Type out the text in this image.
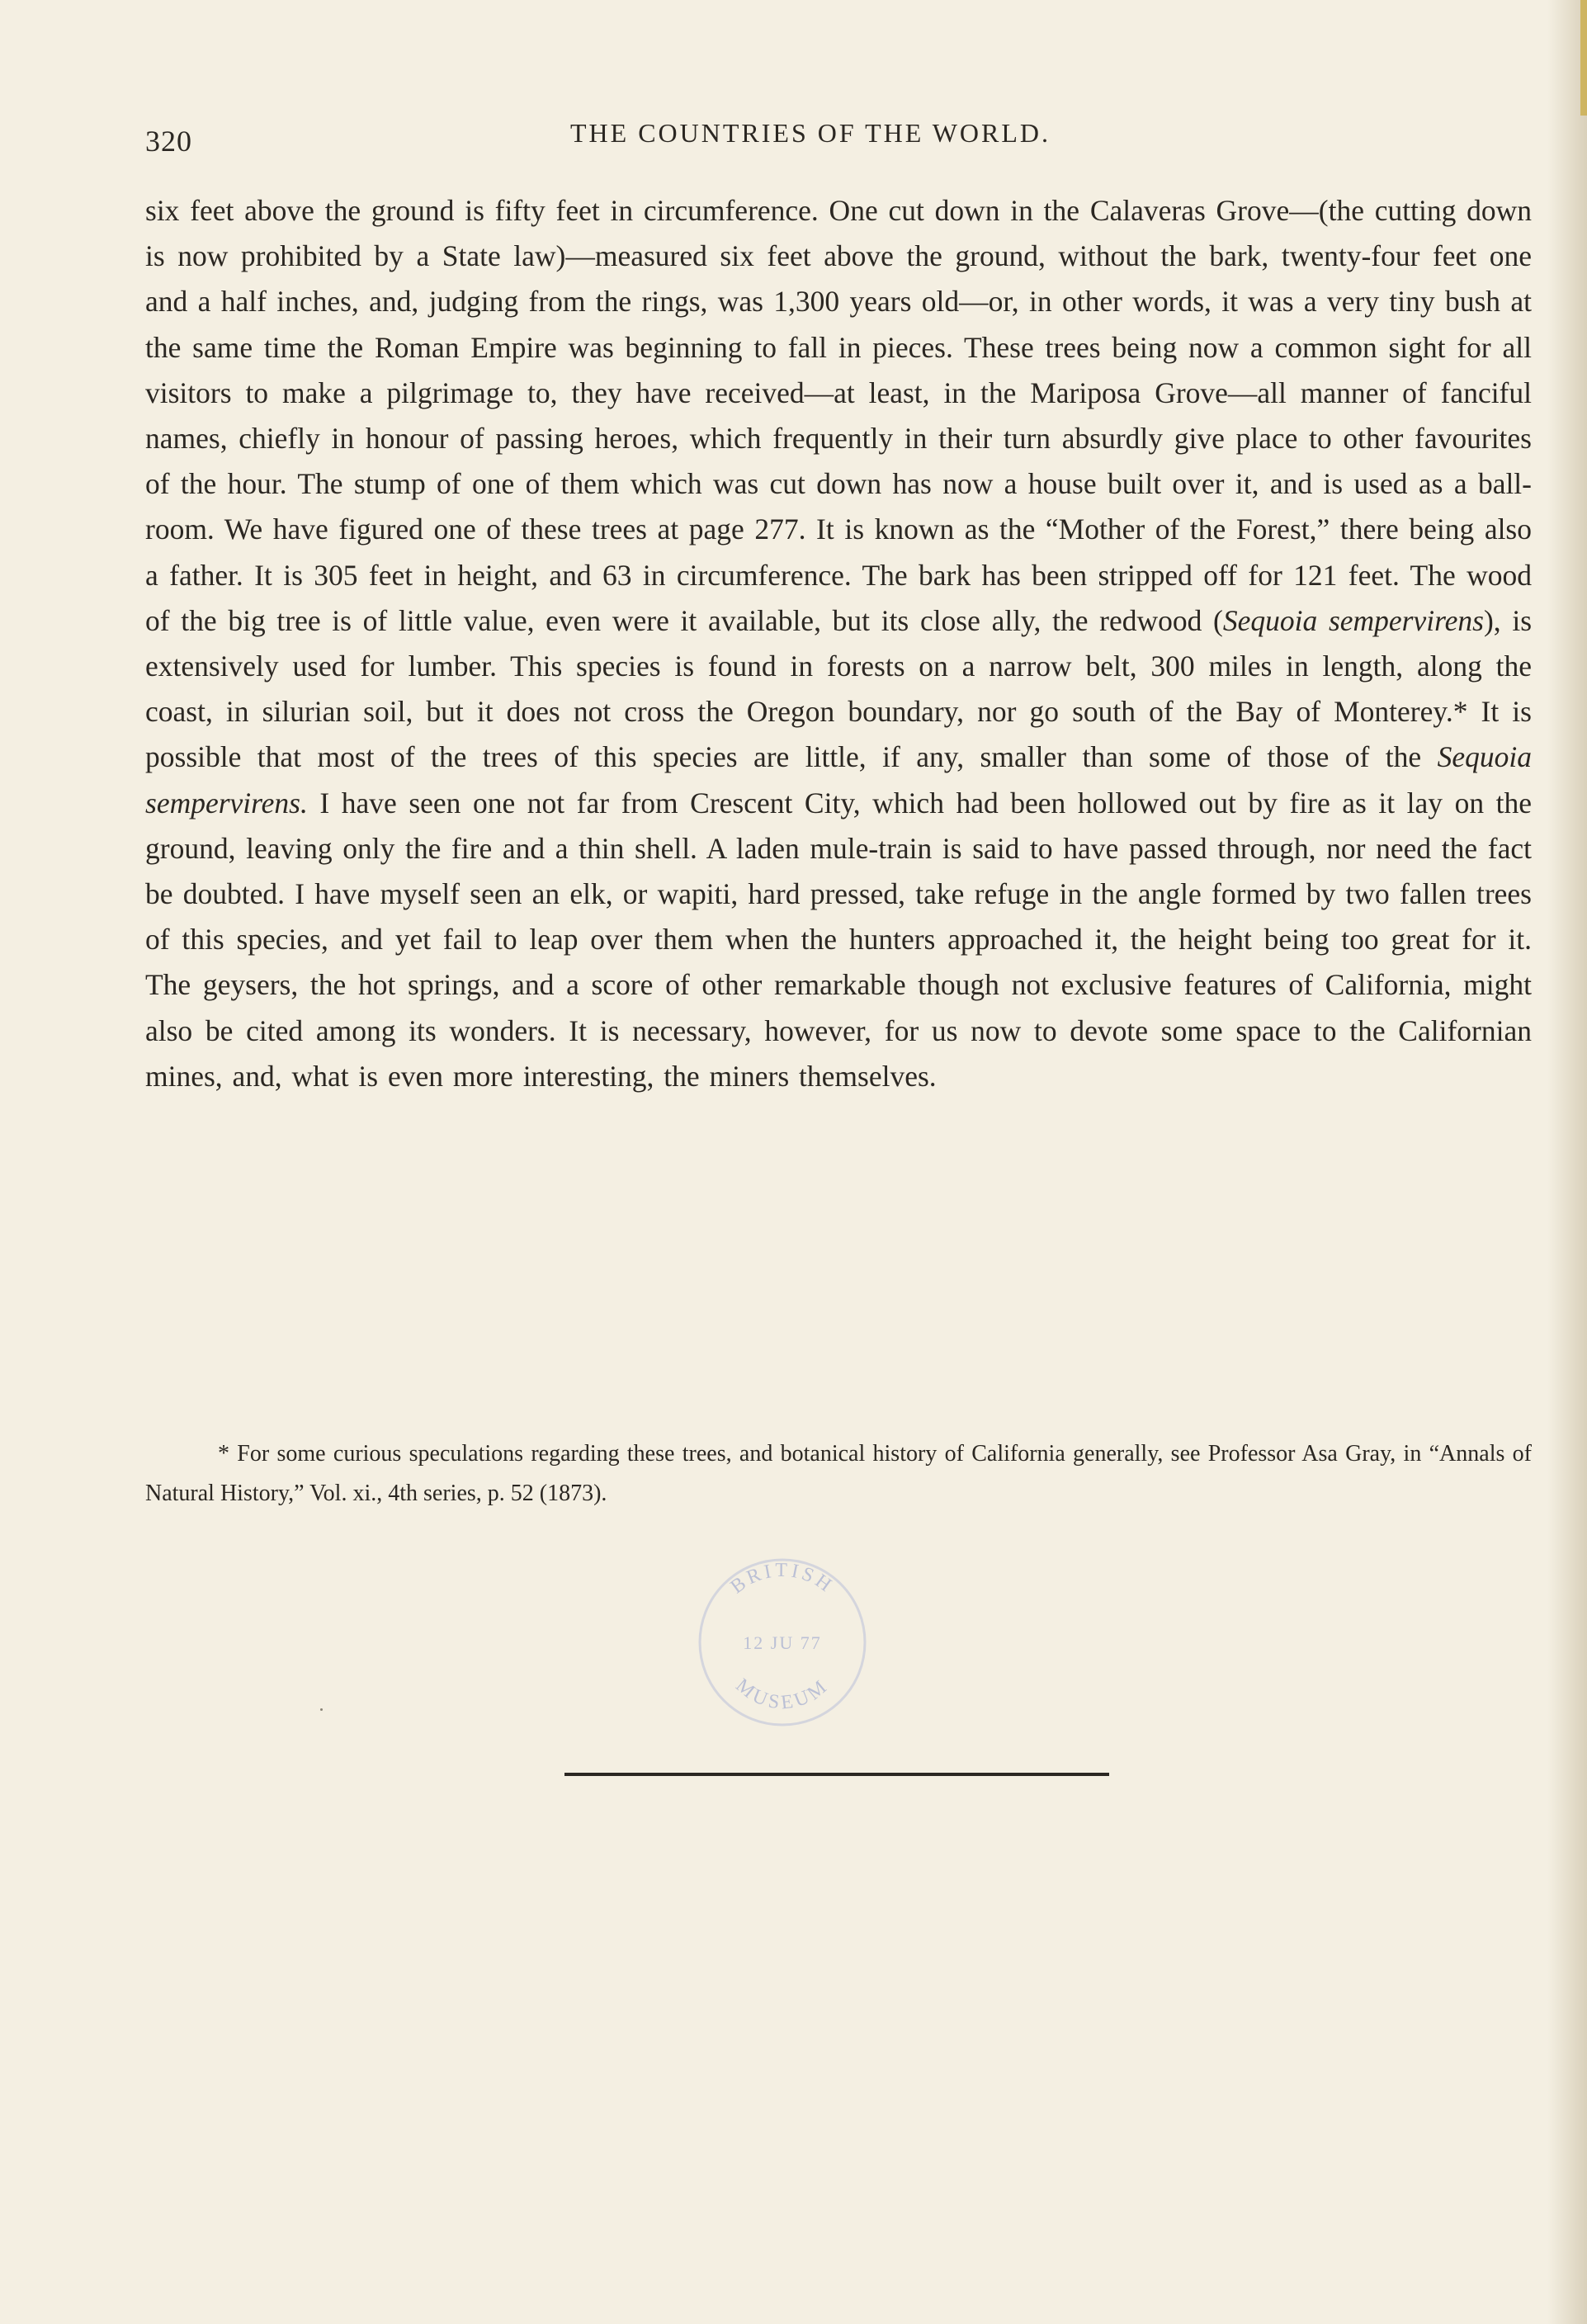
320	THE COUNTRIES OF THE WORLD.

six feet above the ground is fifty feet in circumference. One cut down in the Calaveras Grove—(the cutting down is now prohibited by a State law)—measured six feet above the ground, without the bark, twenty-four feet one and a half inches, and, judging from the rings, was 1,300 years old—or, in other words, it was a very tiny bush at the same time the Roman Empire was beginning to fall in pieces. These trees being now a common sight for all visitors to make a pilgrimage to, they have received—at least, in the Mariposa Grove—all manner of fanciful names, chiefly in honour of passing heroes, which frequently in their turn absurdly give place to other favourites of the hour. The stump of one of them which was cut down has now a house built over it, and is used as a ball-room. We have figured one of these trees at page 277. It is known as the “Mother of the Forest,” there being also a father. It is 305 feet in height, and 63 in circumference. The bark has been stripped off for 121 feet. The wood of the big tree is of little value, even were it available, but its close ally, the redwood (Sequoia sempervirens), is extensively used for lumber. This species is found in forests on a narrow belt, 300 miles in length, along the coast, in silurian soil, but it does not cross the Oregon boundary, nor go south of the Bay of Monterey.* It is possible that most of the trees of this species are little, if any, smaller than some of those of the Sequoia sempervirens. I have seen one not far from Crescent City, which had been hollowed out by fire as it lay on the ground, leaving only the fire and a thin shell. A laden mule-train is said to have passed through, nor need the fact be doubted. I have myself seen an elk, or wapiti, hard pressed, take refuge in the angle formed by two fallen trees of this species, and yet fail to leap over them when the hunters approached it, the height being too great for it. The geysers, the hot springs, and a score of other remarkable though not exclusive features of California, might also be cited among its wonders. It is necessary, however, for us now to devote some space to the Californian mines, and, what is even more interesting, the miners themselves.

* For some curious speculations regarding these trees, and botanical history of California generally, see Professor Asa Gray, in “Annals of Natural History,” Vol. xi., 4th series, p. 52 (1873).

BRITISH
12 JU 77
MUSEUM
